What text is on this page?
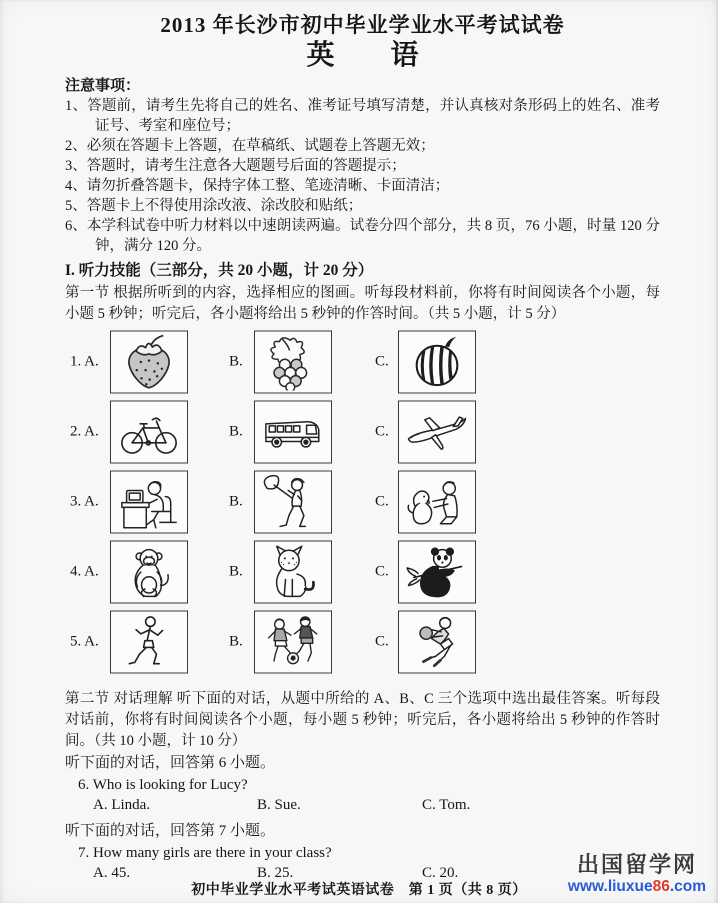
2013 年长沙市初中毕业学业水平考试试卷
英　　语
注意事项：
1、答题前，请考生先将自己的姓名、准考证号填写清楚，并认真核对条形码上的姓名、准考证号、考室和座位号；
2、必须在答题卡上答题，在草稿纸、试题卷上答题无效；
3、答题时，请考生注意各大题题号后面的答题提示；
4、请勿折叠答题卡，保持字体工整、笔迹清晰、卡面清洁；
5、答题卡上不得使用涂改液、涂改胶和贴纸；
6、本学科试卷中听力材料以中速朗读两遍。试卷分四个部分，共 8 页，76 小题，时量 120 分钟，满分 120 分。
I. 听力技能（三部分，共 20 小题，计 20 分）

第一节 根据所听到的内容，选择相应的图画。听每段材料前，你将有时间阅读各个小题，每小题 5 秒钟；听完后，各小题将给出 5 秒钟的作答时间。（共 5 小题，计 5 分）

1. A.	B.	C.
2. A.	B.	C.
3. A.	B.	C.
4. A.	B.	C.
5. A.	B.	C.

第二节 对话理解 听下面的对话，从题中所给的 A、B、C 三个选项中选出最佳答案。听每段对话前，你将有时间阅读各个小题，每小题 5 秒钟；听完后，各小题将给出 5 秒钟的作答时间。（共 10 小题，计 10 分）

听下面的对话，回答第 6 小题。
6. Who is looking for Lucy?
A. Linda.	B. Sue.	C. Tom.
听下面的对话，回答第 7 小题。
7. How many girls are there in your class?
A. 45.	B. 25.	C. 20.
初中毕业学业水平考试英语试卷　第 1 页（共 8 页）
出国留学网
www.liuxue86.com
